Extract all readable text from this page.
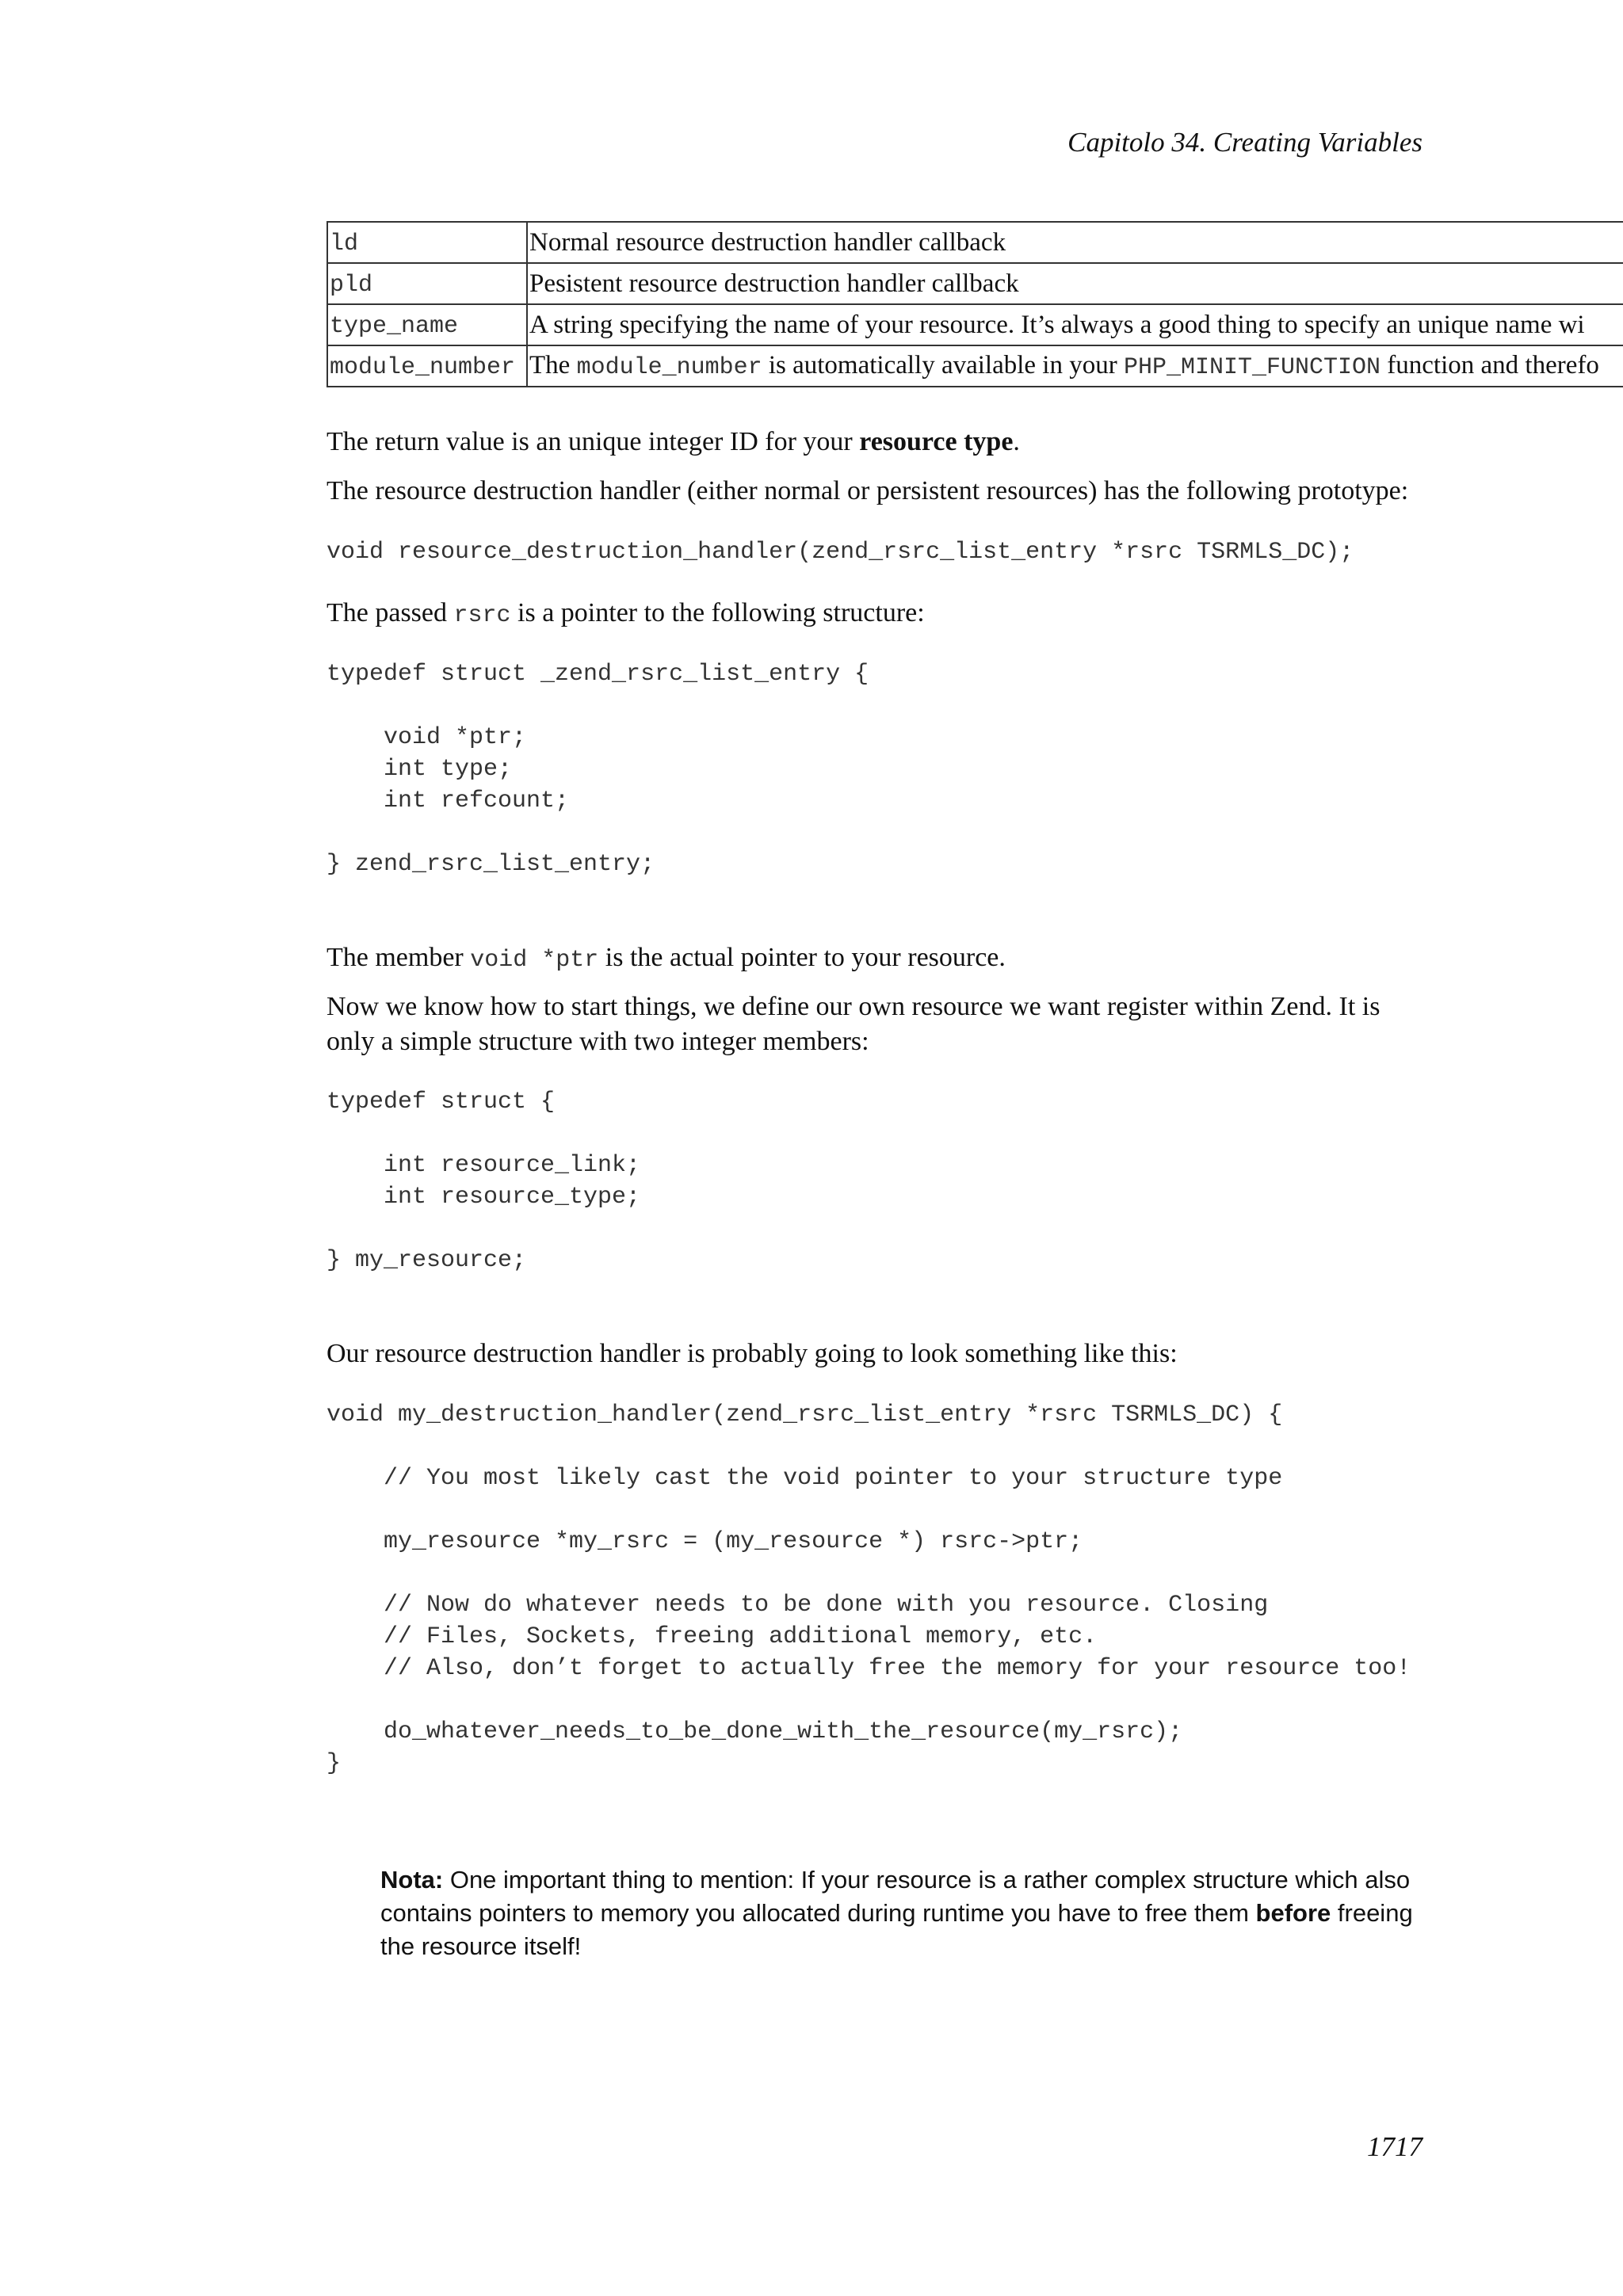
Capitolo 34. Creating Variables
ld	Normal resource destruction handler callback
pld	Pesistent resource destruction handler callback
type_name	A string specifying the name of your resource. It’s always a good thing to specify an unique name wi
module_number	The module_number is automatically available in your PHP_MINIT_FUNCTION function and therefo
The return value is an unique integer ID for your resource type.
The resource destruction handler (either normal or persistent resources) has the following prototype:
void resource_destruction_handler(zend_rsrc_list_entry *rsrc TSRMLS_DC);
The passed rsrc is a pointer to the following structure:
typedef struct _zend_rsrc_list_entry {

void *ptr;
int type;
int refcount;

} zend_rsrc_list_entry;
The member void *ptr is the actual pointer to your resource.
Now we know how to start things, we define our own resource we want register within Zend. It is only a simple structure with two integer members:
typedef struct {

int resource_link;
int resource_type;

} my_resource;
Our resource destruction handler is probably going to look something like this:
void my_destruction_handler(zend_rsrc_list_entry *rsrc TSRMLS_DC) {

// You most likely cast the void pointer to your structure type

my_resource *my_rsrc = (my_resource *) rsrc->ptr;

// Now do whatever needs to be done with you resource. Closing
// Files, Sockets, freeing additional memory, etc.
// Also, don’t forget to actually free the memory for your resource too!

do_whatever_needs_to_be_done_with_the_resource(my_rsrc);
}
Nota: One important thing to mention: If your resource is a rather complex structure which also contains pointers to memory you allocated during runtime you have to free them before freeing the resource itself!
1717
